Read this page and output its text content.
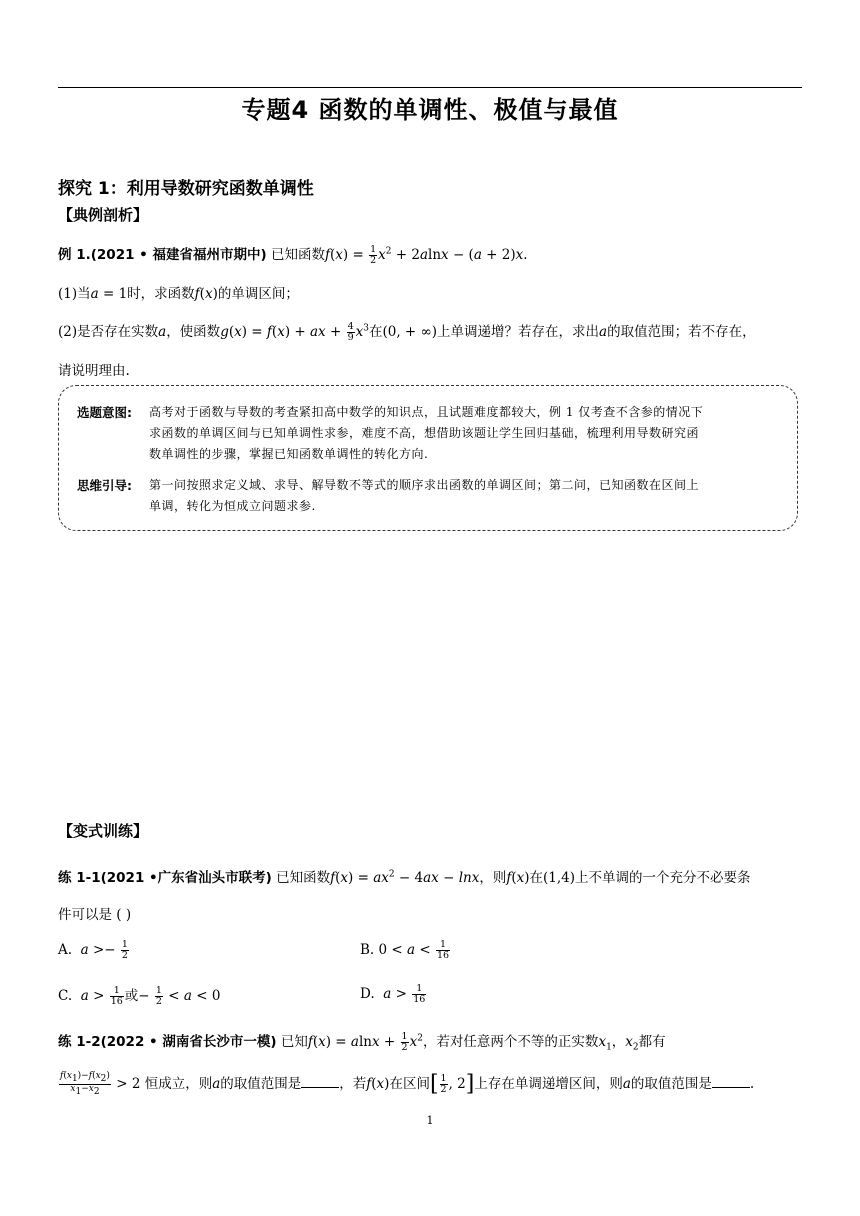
专题4 函数的单调性、极值与最值
探究 1：利用导数研究函数单调性
【典例剖析】
例 1.(2021 • 福建省福州市期中) 已知函数$f(x) = \frac{1}{2} x^2 + 2alnx - (a + 2)x$.
(1)当a = 1时，求函数f(x)的单调区间；
(2)是否存在实数a，使函数g(x) = f(x) + ax + $\frac{4}{9} x^3$在(0, + ∞)上单调递增？若存在，求出a的取值范围；若不存在，
请说明理由.
选题意图: 高考对于函数与导数的考查紧扣高中数学的知识点，且试题难度都较大，例 1 仅考查不含参的情况下
求函数的单调区间与已知单调性求参，难度不高，想借助该题让学生回归基础，梳理利用导数研究函
数单调性的步骤，掌握已知函数单调性的转化方向.
思维引导: 第一问按照求定义域、求导、解导数不等式的顺序求出函数的单调区间；第二问，已知函数在区间上
单调，转化为恒成立问题求参.
【变式训练】
练 1-1(2021 •广东省汕头市联考) 已知函数$f(x) = ax^2 - 4ax - \ln x$，则f(x)在(1,4)上不单调的一个充分不必要条
件可以是 ( )
A. $a >- \frac{1}{2}$	B. $0 < a < \frac{1}{16}$
C. $a > \frac{1}{16}$ 或− $\frac{1}{2} < a < 0$	D. $a > \frac{1}{16}$
练 1-2(2022 • 湖南省长沙市一模) 已知$f(x) = alnx + \frac{1}{2} x^2$，若对任意两个不等的正实数$x_1$，$x_2$都有
$\frac{f(x_1)-f(x_2)}{x_1-x_2} > 2$ 恒成立，则a的取值范围是	，若f(x)在区间[ $\frac{1}{2}$ , 2]上存在单调递增区间，则a的取值范围是	.
1
